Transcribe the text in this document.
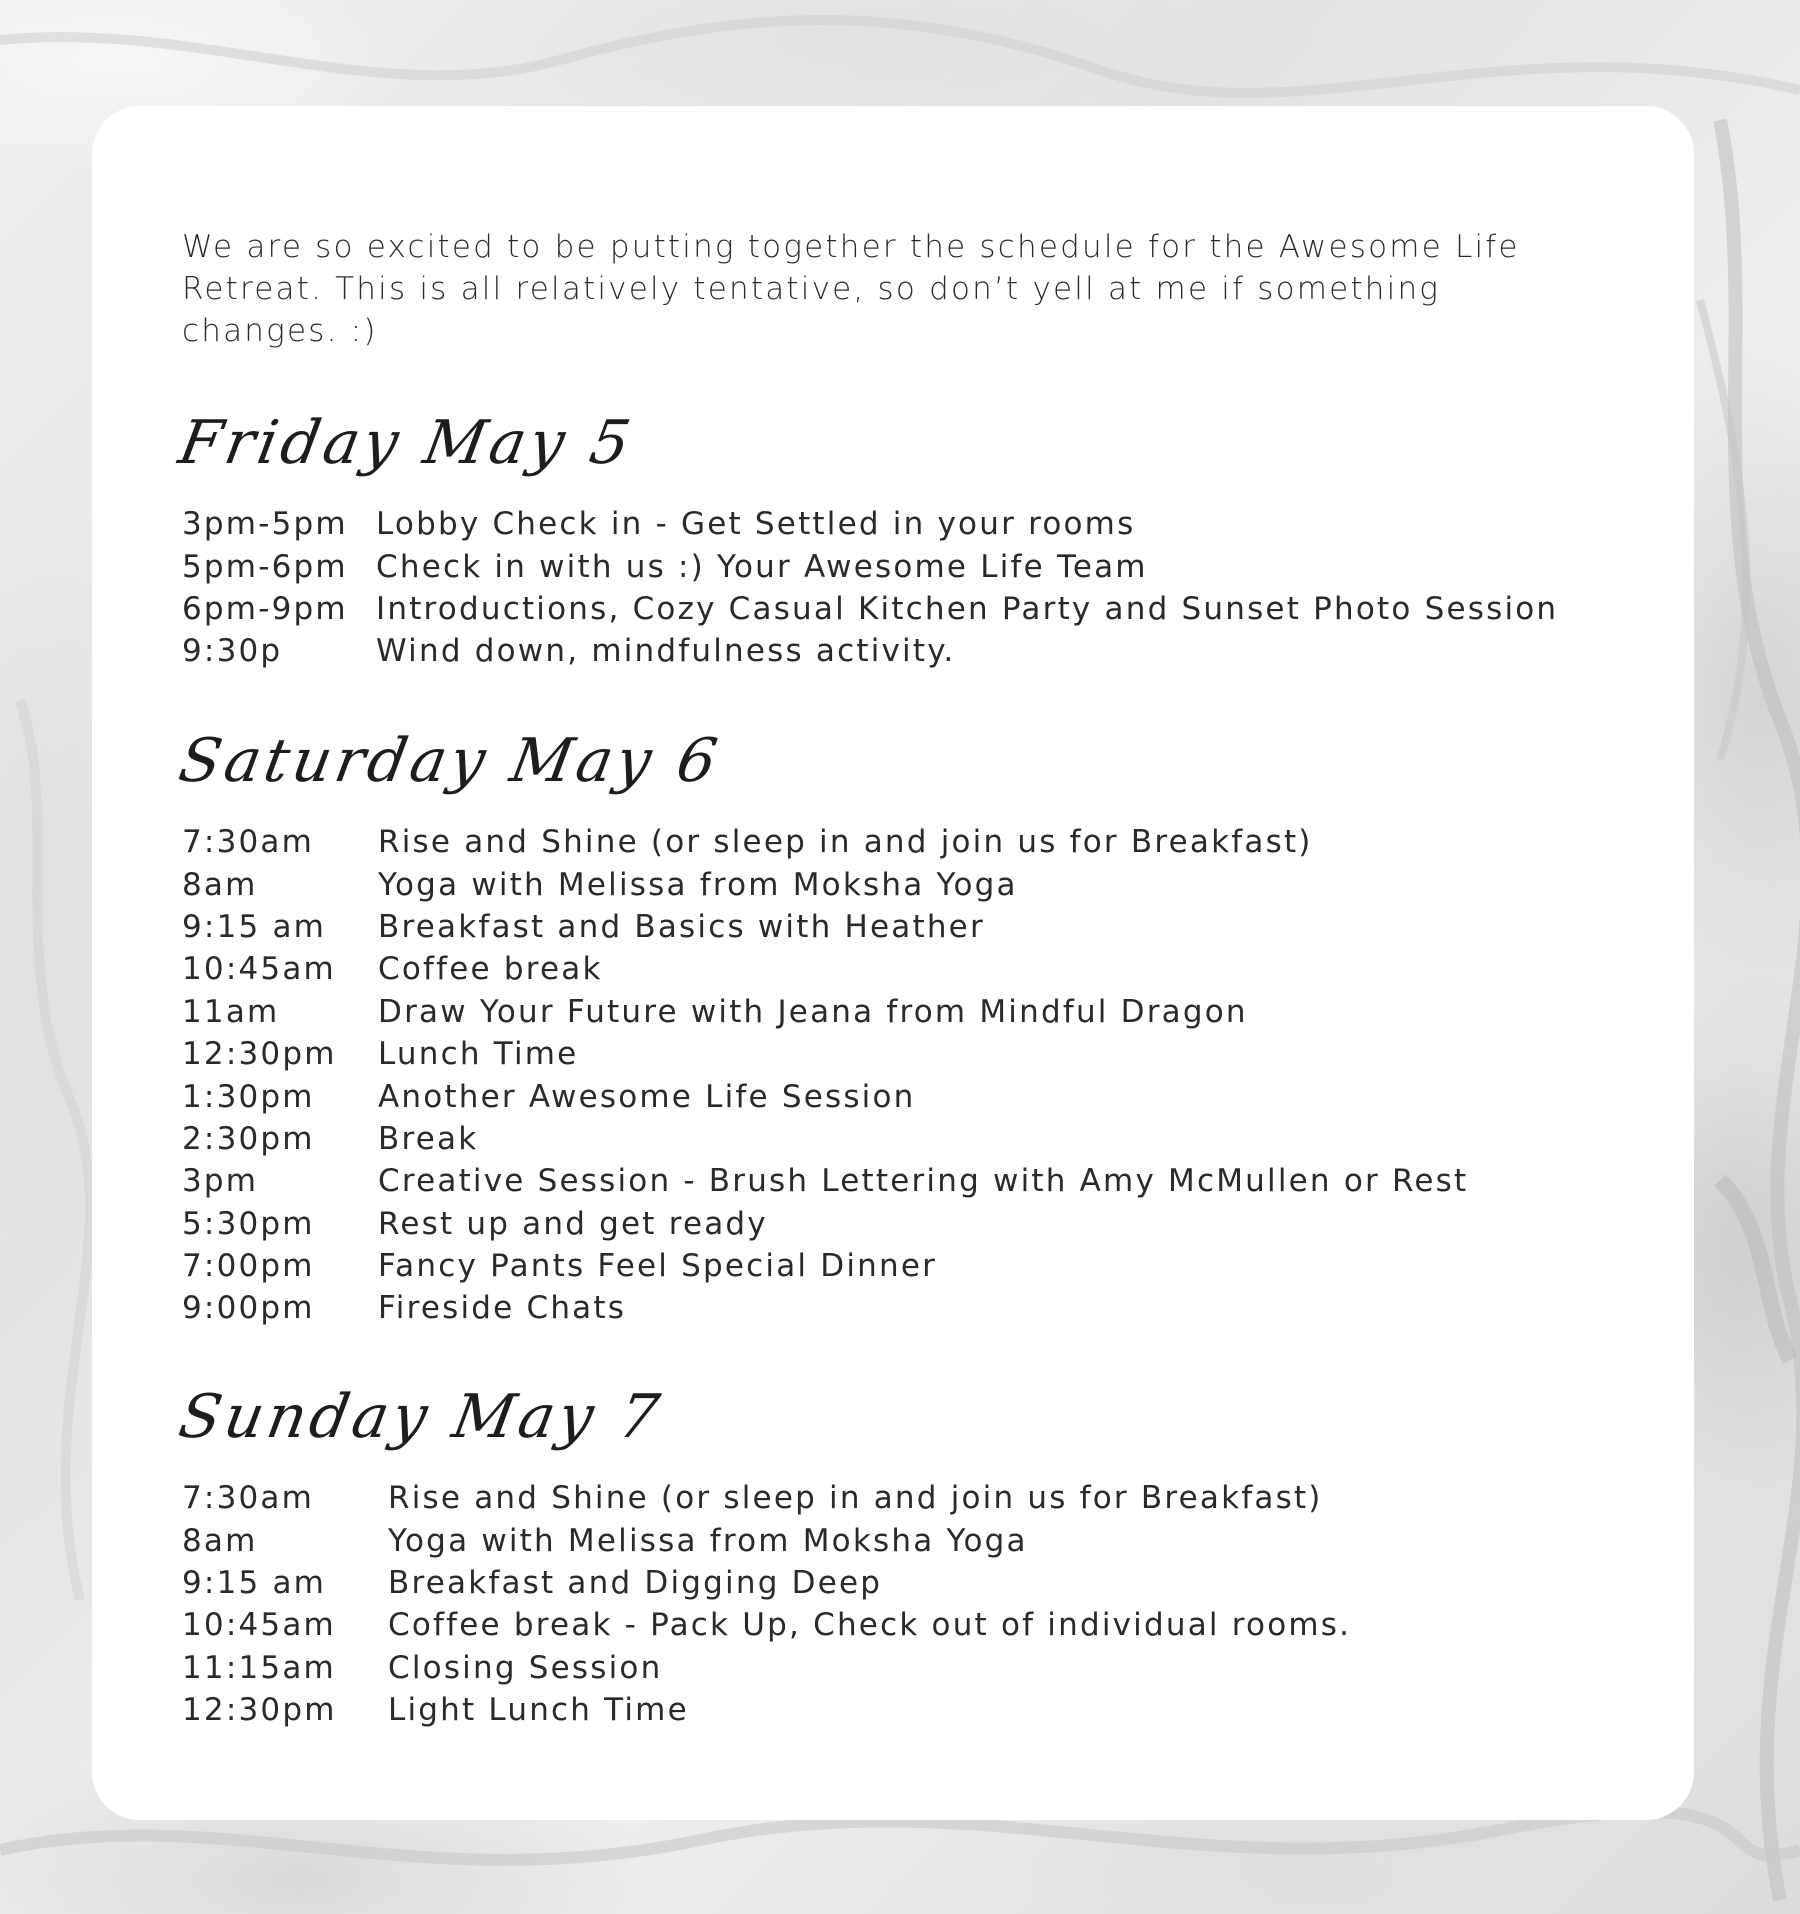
We are so excited to be putting together the schedule for the Awesome Life Retreat. This is all relatively tentative, so don’t yell at me if something changes. :)

Friday May 5
3pm-5pm Lobby Check in - Get Settled in your rooms
5pm-6pm Check in with us :) Your Awesome Life Team
6pm-9pm Introductions, Cozy Casual Kitchen Party and Sunset Photo Session
9:30p	Wind down, mindfulness activity.
Saturday May 6
7:30am	Rise and Shine (or sleep in and join us for Breakfast)
8am	Yoga with Melissa from Moksha Yoga
9:15 am	Breakfast and Basics with Heather
10:45am	Coffee break
11am	Draw Your Future with Jeana from Mindful Dragon
12:30pm	Lunch Time
1:30pm	Another Awesome Life Session
2:30pm	Break
3pm	Creative Session - Brush Lettering with Amy McMullen or Rest
5:30pm	Rest up and get ready
7:00pm	Fancy Pants Feel Special Dinner
9:00pm	Fireside Chats
Sunday May 7
7:30am	Rise and Shine (or sleep in and join us for Breakfast)
8am	Yoga with Melissa from Moksha Yoga
9:15 am	Breakfast and Digging Deep
10:45am	Coffee break - Pack Up, Check out of individual rooms.
11:15am	Closing Session
12:30pm	Light Lunch Time
